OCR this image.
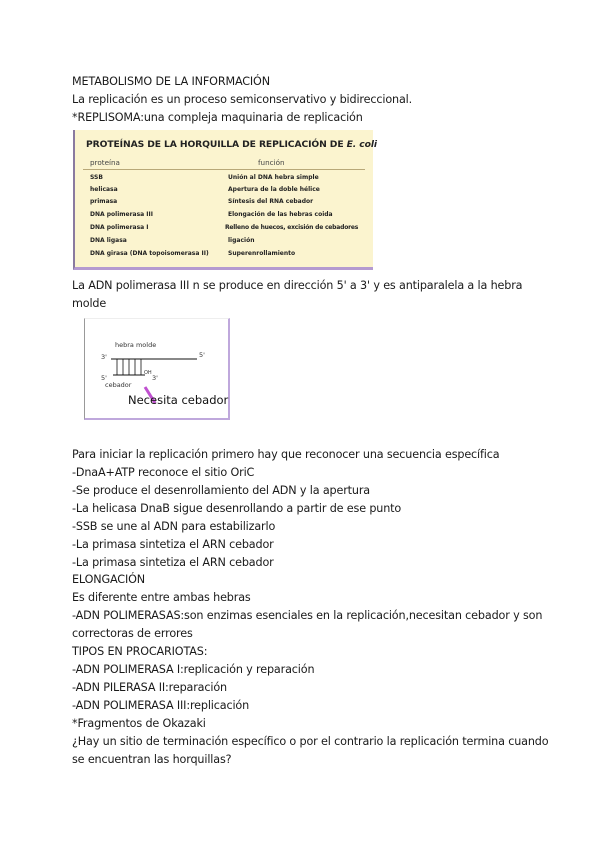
METABOLISMO DE LA INFORMACIÓN
La replicación es un proceso semiconservativo y bidireccional.
*REPLISOMA:una compleja maquinaria de replicación
PROTEÍNAS DE LA HORQUILLA DE REPLICACIÓN DE E. coli
proteína	función
SSB	Unión al DNA hebra simple
helicasa	Apertura de la doble hélice
primasa	Síntesis del RNA cebador
DNA polimerasa III	Elongación de las hebras coida
DNA polimerasa I	Relleno de huecos, excisión de cebadores
DNA ligasa	ligación
DNA girasa (DNA topoisomerasa II)	Superenrollamiento
La ADN polimerasa III n se produce en dirección 5' a 3' y es antiparalela a la hebra
molde
hebra molde
3'	5'
5'
OH
3'
cebador
Necesita cebador
Para iniciar la replicación primero hay que reconocer una secuencia específica
-DnaA+ATP reconoce el sitio OriC
-Se produce el desenrollamiento del ADN y la apertura
-La helicasa DnaB sigue desenrollando a partir de ese punto
-SSB se une al ADN para estabilizarlo
-La primasa sintetiza el ARN cebador
-La primasa sintetiza el ARN cebador
ELONGACIÓN
Es diferente entre ambas hebras
-ADN POLIMERASAS:son enzimas esenciales en la replicación,necesitan cebador y son
correctoras de errores
TIPOS EN PROCARIOTAS:
-ADN POLIMERASA I:replicación y reparación
-ADN PILERASA II:reparación
-ADN POLIMERASA III:replicación
*Fragmentos de Okazaki
¿Hay un sitio de terminación específico o por el contrario la replicación termina cuando
se encuentran las horquillas?
